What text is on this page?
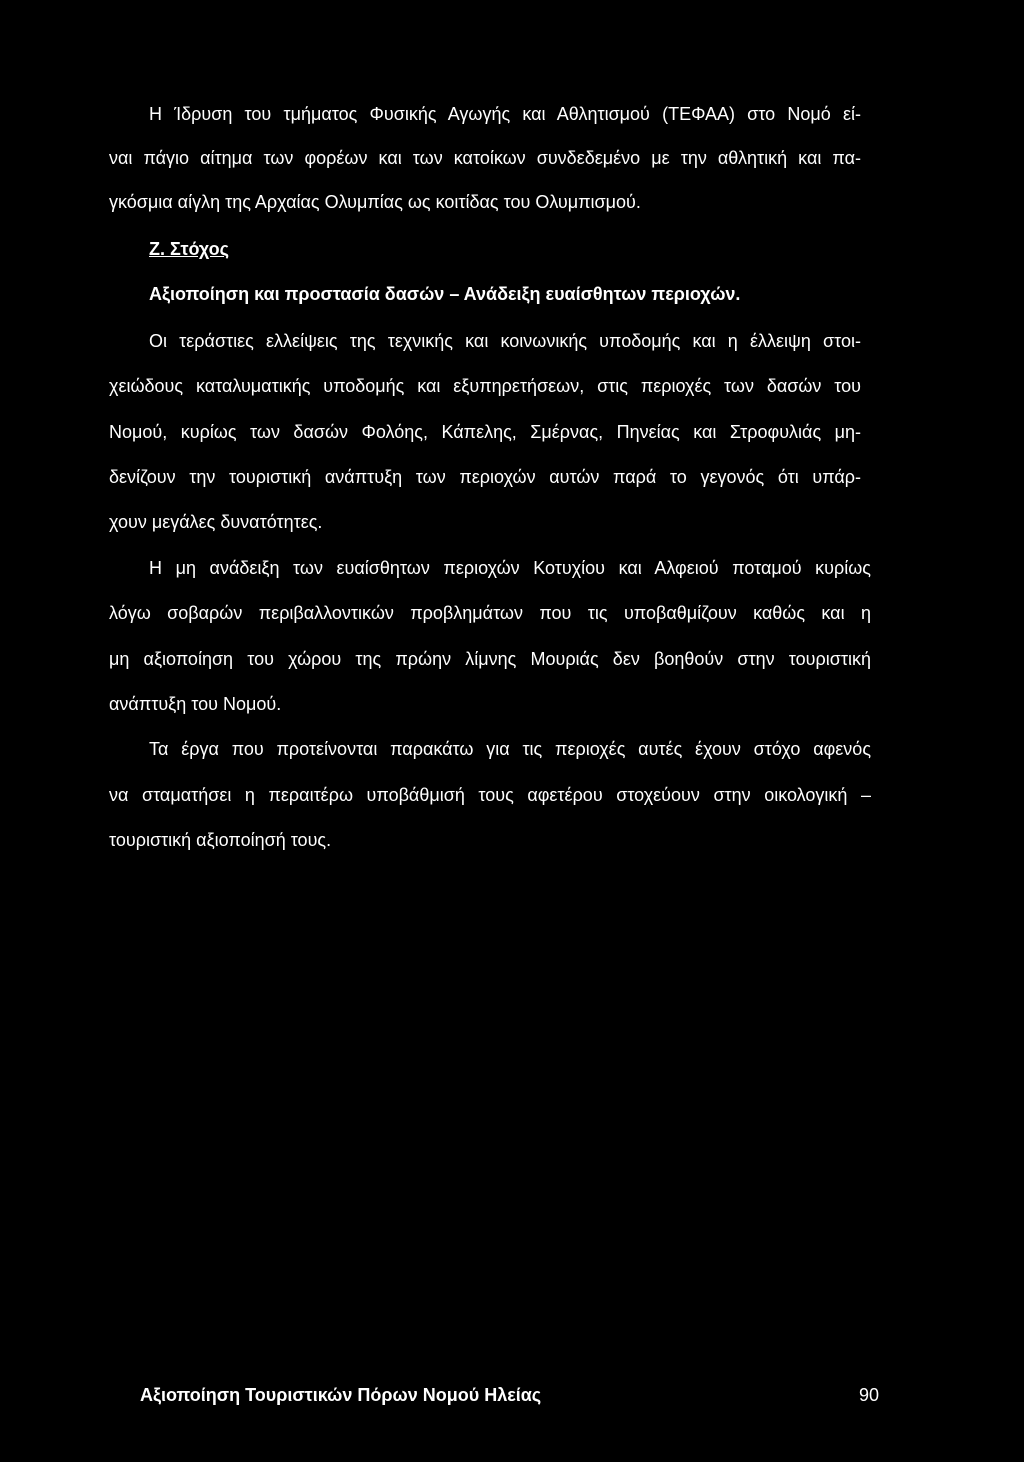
Η Ίδρυση του τμήματος Φυσικής Αγωγής και Αθλητισμού (ΤΕΦΑΑ) στο Νομό εί-
ναι πάγιο αίτημα των φορέων και των κατοίκων συνδεδεμένο με την αθλητική και πα-
γκόσμια αίγλη της Αρχαίας Ολυμπίας ως κοιτίδας του Ολυμπισμού.
Ζ. Στόχος
Αξιοποίηση και προστασία δασών – Ανάδειξη ευαίσθητων περιοχών.
Οι τεράστιες ελλείψεις της τεχνικής και κοινωνικής υποδομής και η έλλειψη στοι-
χειώδους καταλυματικής υποδομής και εξυπηρετήσεων, στις περιοχές των δασών του
Νομού, κυρίως των δασών Φολόης, Κάπελης, Σμέρνας, Πηνείας και Στροφυλιάς μη-
δενίζουν την τουριστική ανάπτυξη των περιοχών αυτών παρά το γεγονός ότι υπάρ-
χουν μεγάλες δυνατότητες.
Η μη ανάδειξη των ευαίσθητων περιοχών Κοτυχίου και Αλφειού ποταμού κυρίως
λόγω σοβαρών περιβαλλοντικών προβλημάτων που τις υποβαθμίζουν καθώς και η
μη αξιοποίηση του χώρου της πρώην λίμνης Μουριάς δεν βοηθούν στην τουριστική
ανάπτυξη του Νομού.
Τα έργα που προτείνονται παρακάτω για τις περιοχές αυτές έχουν στόχο αφενός
να σταματήσει η περαιτέρω υποβάθμισή τους αφετέρου στοχεύουν στην οικολογική –
τουριστική αξιοποίησή τους.
Αξιοποίηση Τουριστικών Πόρων Νομού Ηλείας	90
